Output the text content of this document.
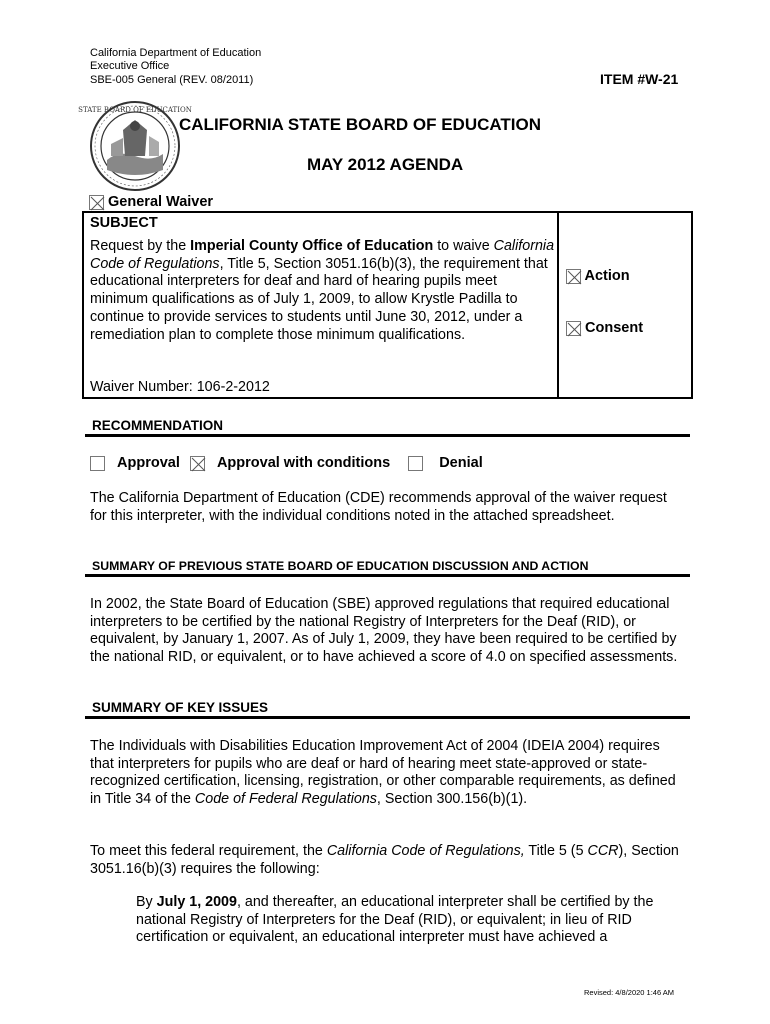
California Department of Education
Executive Office
SBE-005 General (REV. 08/2011)	ITEM #W-21
STATE BOARD OF EDUCATION
CALIFORNIA STATE BOARD OF EDUCATION
MAY 2012 AGENDA
General Waiver
SUBJECT
Request by the Imperial County Office of Education to waive California Code of Regulations, Title 5, Section 3051.16(b)(3), the requirement that educational interpreters for deaf and hard of hearing pupils meet minimum qualifications as of July 1, 2009, to allow Krystle Padilla to continue to provide services to students until June 30, 2012, under a remediation plan to complete those minimum qualifications.
Waiver Number: 106-2-2012
Action
Consent
RECOMMENDATION
Approval	Approval with conditions	Denial
The California Department of Education (CDE) recommends approval of the waiver request for this interpreter, with the individual conditions noted in the attached spreadsheet.
SUMMARY OF PREVIOUS STATE BOARD OF EDUCATION DISCUSSION AND ACTION
In 2002, the State Board of Education (SBE) approved regulations that required educational interpreters to be certified by the national Registry of Interpreters for the Deaf (RID), or equivalent, by January 1, 2007. As of July 1, 2009, they have been required to be certified by the national RID, or equivalent, or to have achieved a score of 4.0 on specified assessments.
SUMMARY OF KEY ISSUES
The Individuals with Disabilities Education Improvement Act of 2004 (IDEIA 2004) requires that interpreters for pupils who are deaf or hard of hearing meet state-approved or state-recognized certification, licensing, registration, or other comparable requirements, as defined in Title 34 of the Code of Federal Regulations, Section 300.156(b)(1).
To meet this federal requirement, the California Code of Regulations, Title 5 (5 CCR), Section 3051.16(b)(3) requires the following:
By July 1, 2009, and thereafter, an educational interpreter shall be certified by the national Registry of Interpreters for the Deaf (RID), or equivalent; in lieu of RID certification or equivalent, an educational interpreter must have achieved a
Revised: 4/8/2020 1:46 AM
